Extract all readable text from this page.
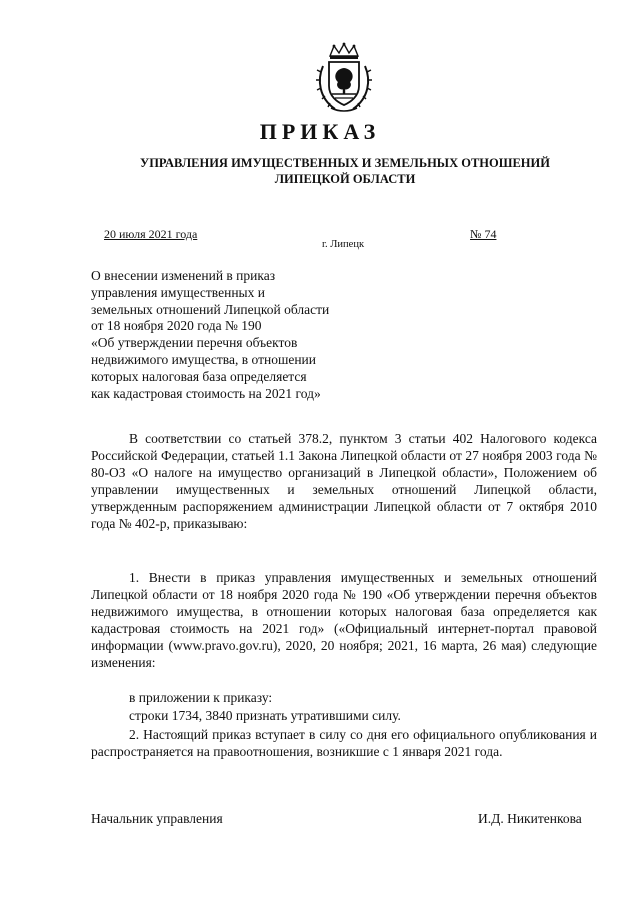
ПРИКАЗ
УПРАВЛЕНИЯ ИМУЩЕСТВЕННЫХ И ЗЕМЕЛЬНЫХ ОТНОШЕНИЙ
ЛИПЕЦКОЙ ОБЛАСТИ
20 июля 2021 года	№ 74
г. Липецк
О внесении изменений в приказ
управления имущественных и
земельных отношений Липецкой области
от 18 ноября 2020 года № 190
«Об утверждении перечня объектов
недвижимого имущества, в отношении
которых налоговая база определяется
как кадастровая стоимость на 2021 год»

В соответствии со статьей 378.2, пунктом 3 статьи 402 Налогового кодекса Российской Федерации, статьей 1.1 Закона Липецкой области от 27 ноября 2003 года № 80-ОЗ «О налоге на имущество организаций в Липецкой области», Положением об управлении имущественных и земельных отношений Липецкой области, утвержденным распоряжением администрации Липецкой области от 7 октября 2010 года № 402-р, приказываю:

1. Внести в приказ управления имущественных и земельных отношений Липецкой области от 18 ноября 2020 года № 190 «Об утверждении перечня объектов недвижимого имущества, в отношении которых налоговая база определяется как кадастровая стоимость на 2021 год» («Официальный интернет-портал правовой информации (www.pravo.gov.ru), 2020, 20 ноября; 2021, 16 марта, 26 мая) следующие изменения:

в приложении к приказу:
строки 1734, 3840 признать утратившими силу.

2. Настоящий приказ вступает в силу со дня его официального опубликования и распространяется на правоотношения, возникшие с 1 января 2021 года.

Начальник управления	И.Д. Никитенкова
